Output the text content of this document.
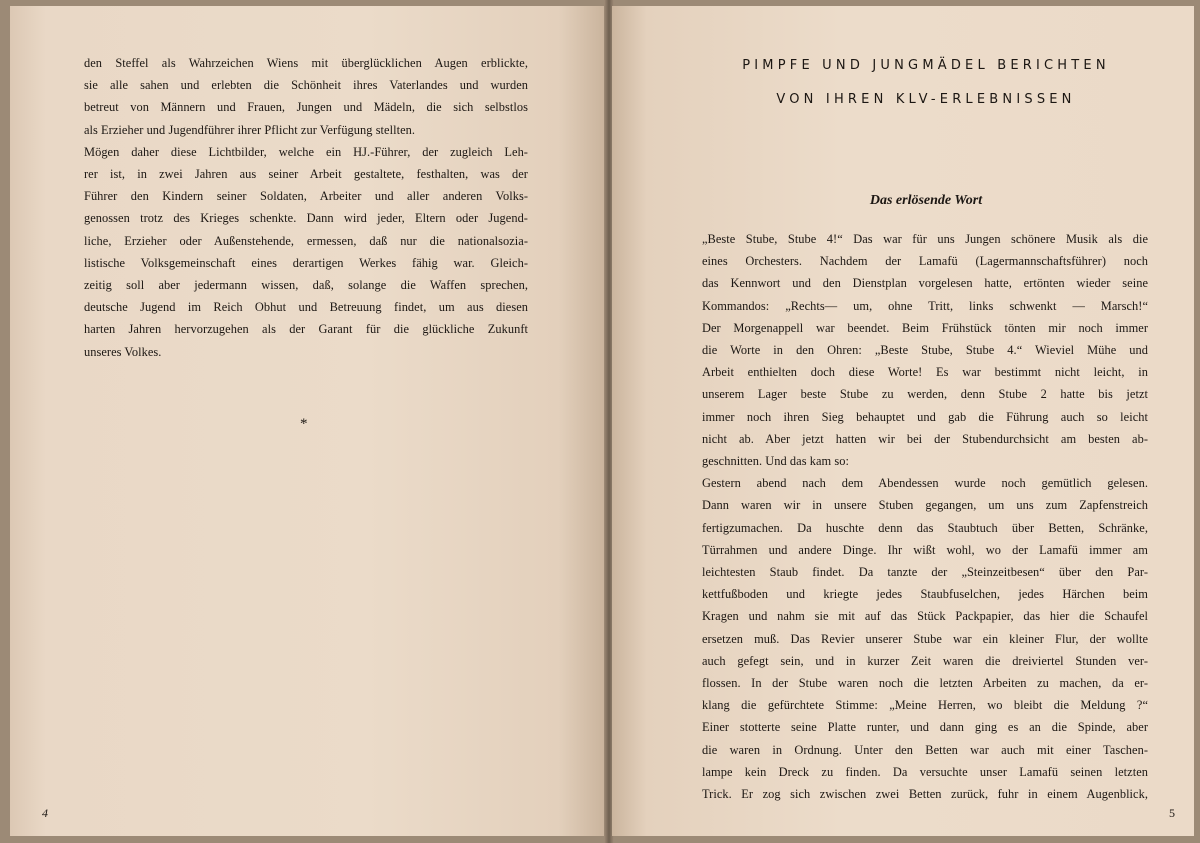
den Steffel als Wahrzeichen Wiens mit überglücklichen Augen erblickte,
sie alle sahen und erlebten die Schönheit ihres Vaterlandes und wurden
betreut von Männern und Frauen, Jungen und Mädeln, die sich selbstlos
als Erzieher und Jugendführer ihrer Pflicht zur Verfügung stellten.
Mögen daher diese Lichtbilder, welche ein HJ.-Führer, der zugleich Leh-
rer ist, in zwei Jahren aus seiner Arbeit gestaltete, festhalten, was der
Führer den Kindern seiner Soldaten, Arbeiter und aller anderen Volks-
genossen trotz des Krieges schenkte. Dann wird jeder, Eltern oder Jugend-
liche, Erzieher oder Außenstehende, ermessen, daß nur die nationalsozia-
listische Volksgemeinschaft eines derartigen Werkes fähig war. Gleich-
zeitig soll aber jedermann wissen, daß, solange die Waffen sprechen,
deutsche Jugend im Reich Obhut und Betreuung findet, um aus diesen
harten Jahren hervorzugehen als der Garant für die glückliche Zukunft
unseres Volkes.
*
4
PIMPFE UND JUNGMÄDEL BERICHTEN
VON IHREN KLV-ERLEBNISSEN
Das erlösende Wort
„Beste Stube, Stube 4!“ Das war für uns Jungen schönere Musik als die
eines Orchesters. Nachdem der Lamafü (Lagermannschaftsführer) noch
das Kennwort und den Dienstplan vorgelesen hatte, ertönten wieder seine
Kommandos: „Rechts— um, ohne Tritt, links schwenkt — Marsch!“
Der Morgenappell war beendet. Beim Frühstück tönten mir noch immer
die Worte in den Ohren: „Beste Stube, Stube 4.“ Wieviel Mühe und
Arbeit enthielten doch diese Worte! Es war bestimmt nicht leicht, in
unserem Lager beste Stube zu werden, denn Stube 2 hatte bis jetzt
immer noch ihren Sieg behauptet und gab die Führung auch so leicht
nicht ab. Aber jetzt hatten wir bei der Stubendurchsicht am besten ab-
geschnitten. Und das kam so:
Gestern abend nach dem Abendessen wurde noch gemütlich gelesen.
Dann waren wir in unsere Stuben gegangen, um uns zum Zapfenstreich
fertigzumachen. Da huschte denn das Staubtuch über Betten, Schränke,
Türrahmen und andere Dinge. Ihr wißt wohl, wo der Lamafü immer am
leichtesten Staub findet. Da tanzte der „Steinzeitbesen“ über den Par-
kettfußboden und kriegte jedes Staubfuselchen, jedes Härchen beim
Kragen und nahm sie mit auf das Stück Packpapier, das hier die Schaufel
ersetzen muß. Das Revier unserer Stube war ein kleiner Flur, der wollte
auch gefegt sein, und in kurzer Zeit waren die dreiviertel Stunden ver-
flossen. In der Stube waren noch die letzten Arbeiten zu machen, da er-
klang die gefürchtete Stimme: „Meine Herren, wo bleibt die Meldung ?“
Einer stotterte seine Platte runter, und dann ging es an die Spinde, aber
die waren in Ordnung. Unter den Betten war auch mit einer Taschen-
lampe kein Dreck zu finden. Da versuchte unser Lamafü seinen letzten
Trick. Er zog sich zwischen zwei Betten zurück, fuhr in einem Augenblick,
5
